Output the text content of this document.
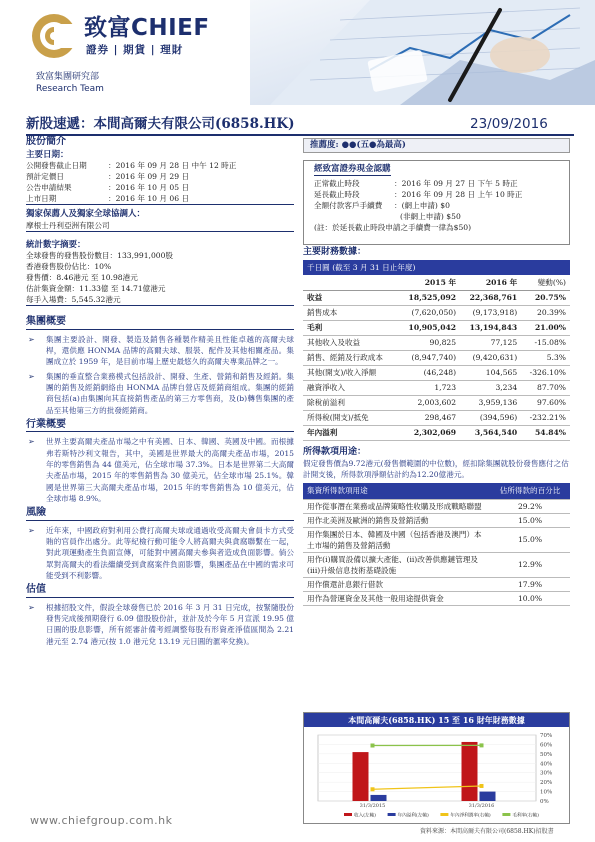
致富CHIEF
證券 | 期貨 | 理財
致富集團研究部
Research Team
新股速遞：本間高爾夫有限公司(6858.HK)	23/09/2016
股份簡介
主要日期：
公開發售截止日期	：2016 年 09 月 28 日 中午 12 時正
預計定價日	：2016 年 09 月 29 日
公告申請結果	：2016 年 10 月 05 日
上市日期	：2016 年 10 月 06 日
獨家保薦人及獨家全球協調人：
摩根士丹利亞洲有限公司
統計數字摘要：
全球發售的發售股份數目：133,991,000股
香港發售股份佔比：10%
發售價：8.46港元 至 10.98港元
估計集資金額：11.33億 至 14.71億港元
每手入場費：5,545.32港元
集團概要
➢ 集團主要設計、開發、製造及銷售各種製作精美且性能卓越的高爾夫球桿，還供應 HONMA 品牌的高爾夫球、服裝、配件及其他相關產品。集團成立於 1959 年，是目前市場上歷史最悠久的高爾夫專業品牌之一。
➢ 集團的垂直整合業務模式包括設計、開發、生產、營銷和銷售及經銷。集團的銷售及經銷網絡由 HONMA 品牌自營店及經銷商組成。集團的經銷商包括(a)由集團向其直接銷售產品的第三方零售商，及(b)轉售集團的產品至其他第三方的批發經銷商。
行業概要
➢ 世界主要高爾夫產品市場之中有美國、日本、韓國、英國及中國。而根據弗若斯特沙利文報告，其中，美國是世界最大的高爾夫產品市場，2015 年的零售銷售為 44 億美元，佔全球市場 37.3%。日本是世界第二大高爾夫產品市場，2015 年的零售銷售為 30 億美元，佔全球市場 25.1%。韓國是世界第三大高爾夫產品市場，2015 年的零售銷售為 10 億美元，佔全球市場 8.9%。
風險
➢ 近年來，中國政府對利用公費打高爾夫球或通過收受高爾夫會員卡方式受賄的官員作出處分。此等紀檢行動可能令人將高爾夫與貪腐聯繫在一起，對此項運動產生負面宣傳，可能對中國高爾夫參與者造成負面影響。倘公眾對高爾夫的看法繼續受到貪腐案件負面影響，集團產品在中國的需求可能受到不利影響。
估值
➢ 根據招股文件，假設全球發售已於 2016 年 3 月 31 日完成，按緊隨股份發售完成後預期發行 6.09 億股股份計，並計及於今年 5 月宣派 19.95 億日圓的股息影響，所有經審計備考經調整每股有形資產淨值區間為 2.21 港元至 2.74 港元(按 1.0 港元兌 13.19 元日圓的滙率兌換)。
推薦度: ●●(五●為最高)
經致富證券現金認購
正常截止時段	：2016 年 09 月 27 日 下午 5 時正
延長截止時段	：2016 年 09 月 28 日 上午 10 時正
全額付款客戶手續費	：(網上申請) $0
(非網上申請) $50
(註：於延長截止時段申請之手續費一律為$50)
主要財務數據：
千日圓 (截至 3 月 31 日止年度)			
	2015 年	2016 年	變動(%)
收益	18,525,092	22,368,761	20.75%
銷售成本	(7,620,050)	(9,173,918)	20.39%
毛利	10,905,042	13,194,843	21.00%
其他收入及收益	90,825	77,125	-15.08%
銷售、經銷及行政成本	(8,947,740)	(9,420,631)	5.3%
其他(開支)/收入淨額	(46,248)	104,565	-326.10%
融資淨收入	1,723	3,234	87.70%
除稅前溢利	2,003,602	3,959,136	97.60%
所得稅(開支)/抵免	298,467	(394,596)	-232.21%
年內溢利	2,302,069	3,564,540	54.84%
所得款項用途：
假定發售價為9.72港元(發售價範圍的中位數)，經扣除集團就股份發售應付之估計開支後，所得款項淨額估計約為12.20億港元。
集資所得款項用途	佔所得款的百分比
用作從事潛在業務或品牌策略性收購及形成戰略聯盟	29.2%
用作北美洲及歐洲的銷售及營銷活動	15.0%
用作集團於日本、韓國及中國（包括香港及澳門）本土市場的銷售及營銷活動	15.0%
用作(i)購買設備以擴大產能、(ii)改善供應鏈管理及(iii)升級信息技術基礎設施	12.9%
用作償還計息銀行借款	17.9%
用作為營運資金及其他一般用途提供資金	10.0%
本間高爾夫(6858.HK) 15 至 16 財年財務數據
0%
10%
20%
30%
40%
50%
60%
70%
31/3/2015	31/3/2016
收入(左軸)	年內溢利(左軸)	年內淨利潤率(右軸)	毛利率(右軸)
資料來源：本間高爾夫有限公司(6858.HK)招股書
www.chiefgroup.com.hk
